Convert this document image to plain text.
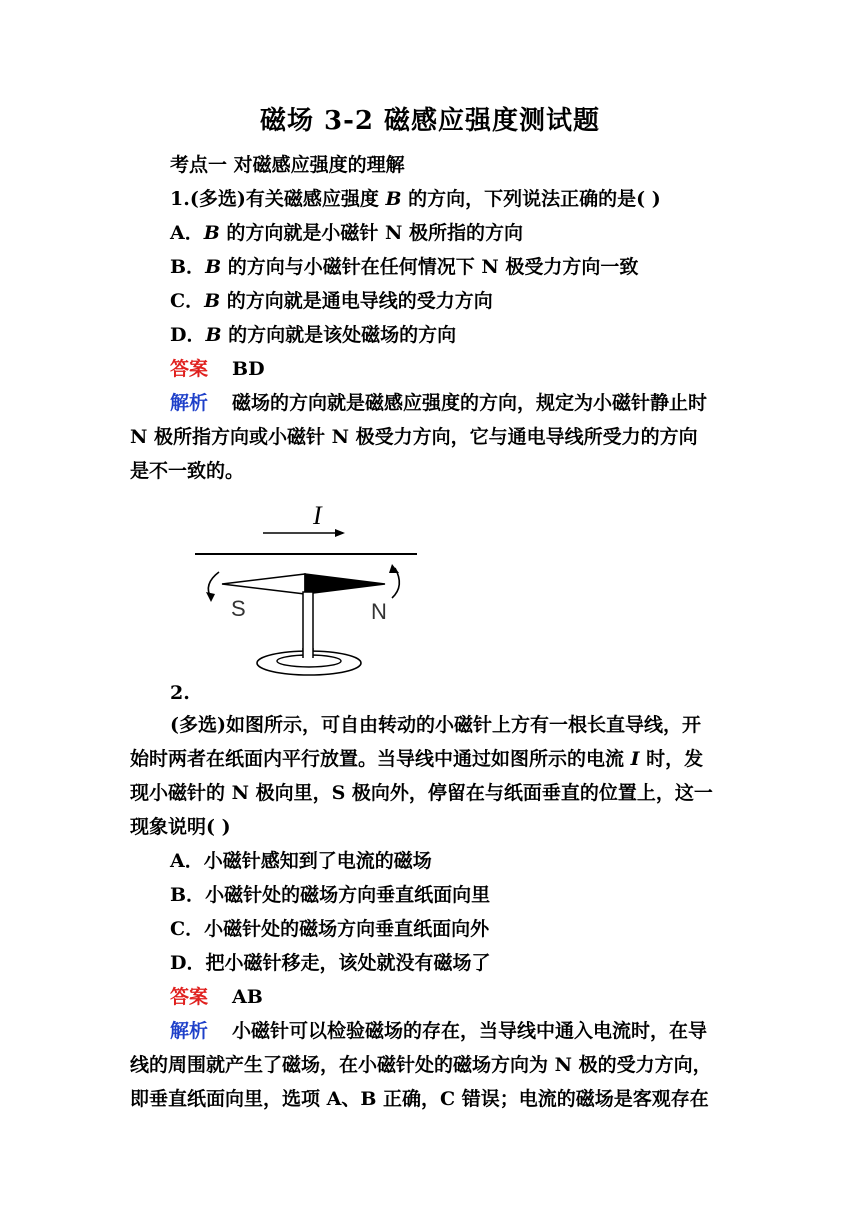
磁场 3-2 磁感应强度测试题
考点一 对磁感应强度的理解
1.(多选)有关磁感应强度 B 的方向，下列说法正确的是( )
A．B 的方向就是小磁针 N 极所指的方向
B．B 的方向与小磁针在任何情况下 N 极受力方向一致
C．B 的方向就是通电导线的受力方向
D．B 的方向就是该处磁场的方向
答案 BD
解析 磁场的方向就是磁感应强度的方向，规定为小磁针静止时
N 极所指方向或小磁针 N 极受力方向，它与通电导线所受力的方向
是不一致的。
I
S	N
2.
(多选)如图所示，可自由转动的小磁针上方有一根长直导线，开
始时两者在纸面内平行放置。当导线中通过如图所示的电流 I 时，发
现小磁针的 N 极向里，S 极向外，停留在与纸面垂直的位置上，这一
现象说明( )
A．小磁针感知到了电流的磁场
B．小磁针处的磁场方向垂直纸面向里
C．小磁针处的磁场方向垂直纸面向外
D．把小磁针移走，该处就没有磁场了
答案 AB
解析 小磁针可以检验磁场的存在，当导线中通入电流时，在导
线的周围就产生了磁场，在小磁针处的磁场方向为 N 极的受力方向，
即垂直纸面向里，选项 A、B 正确，C 错误；电流的磁场是客观存在
